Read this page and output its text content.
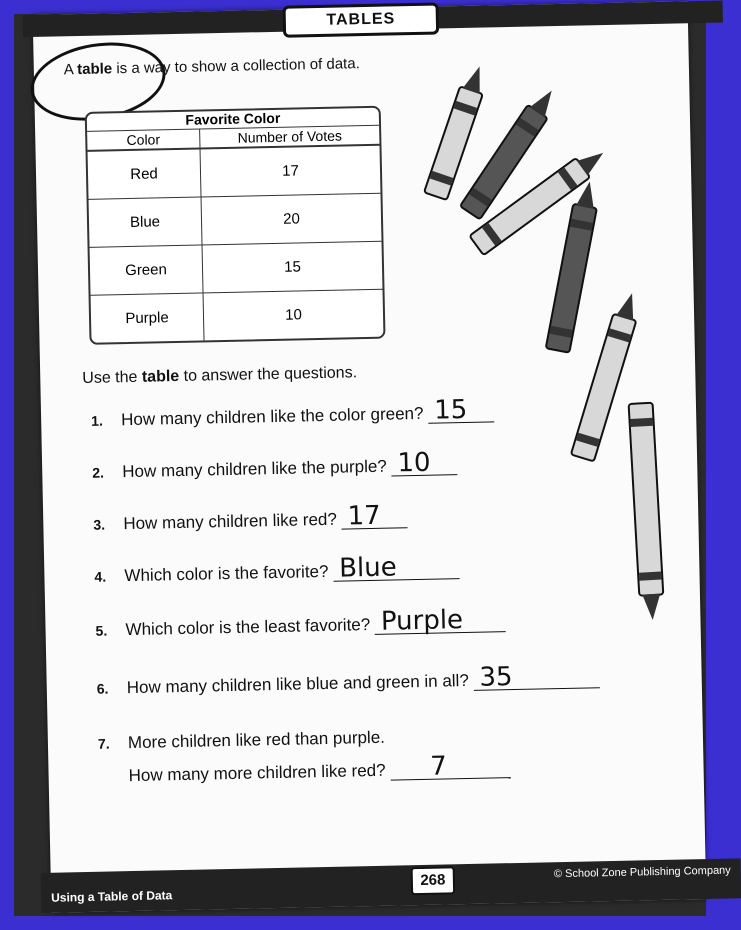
TABLES
A table is a way to show a collection of data.
Favorite Color
Color	Number of Votes
Red	17
Blue	20
Green	15
Purple	10
Use the table to answer the questions.
1. How many children like the color green? 15
2. How many children like the purple? 10
3. How many children like red? 17
4. Which color is the favorite? Blue
5. Which color is the least favorite? Purple
6. How many children like blue and green in all? 35
7. More children like red than purple.
How many more children like red? 7
Using a Table of Data
© School Zone Publishing Company
268
